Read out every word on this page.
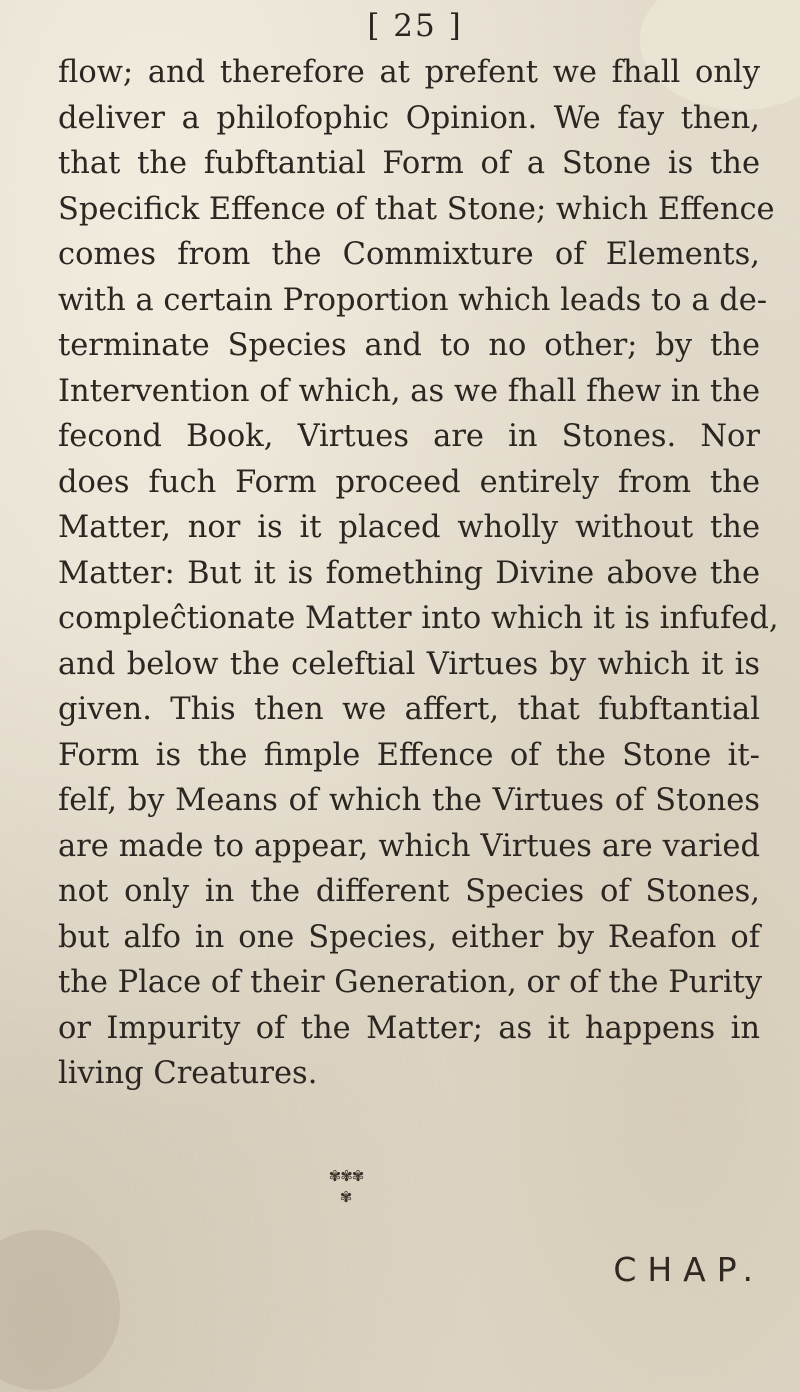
[ 25 ]
flow; and therefore at prefent we fhall only
deliver a philofophic Opinion. We fay then,
that the fubftantial Form of a Stone is the
Specifick Effence of that Stone; which Effence
comes from the Commixture of Elements,
with a certain Proportion which leads to a de-
terminate Species and to no other; by the
Intervention of which, as we fhall fhew in the
fecond Book, Virtues are in Stones. Nor
does fuch Form proceed entirely from the
Matter, nor is it placed wholly without the
Matter: But it is fomething Divine above the
compleĉtionate Matter into which it is infufed,
and below the celeftial Virtues by which it is
given. This then we affert, that fubftantial
Form is the fimple Effence of the Stone it-
felf, by Means of which the Virtues of Stones
are made to appear, which Virtues are varied
not only in the different Species of Stones,
but alfo in one Species, either by Reafon of
the Place of their Generation, or of the Purity
or Impurity of the Matter; as it happens in
living Creatures.
✾✾✾
✾
CHAP.
